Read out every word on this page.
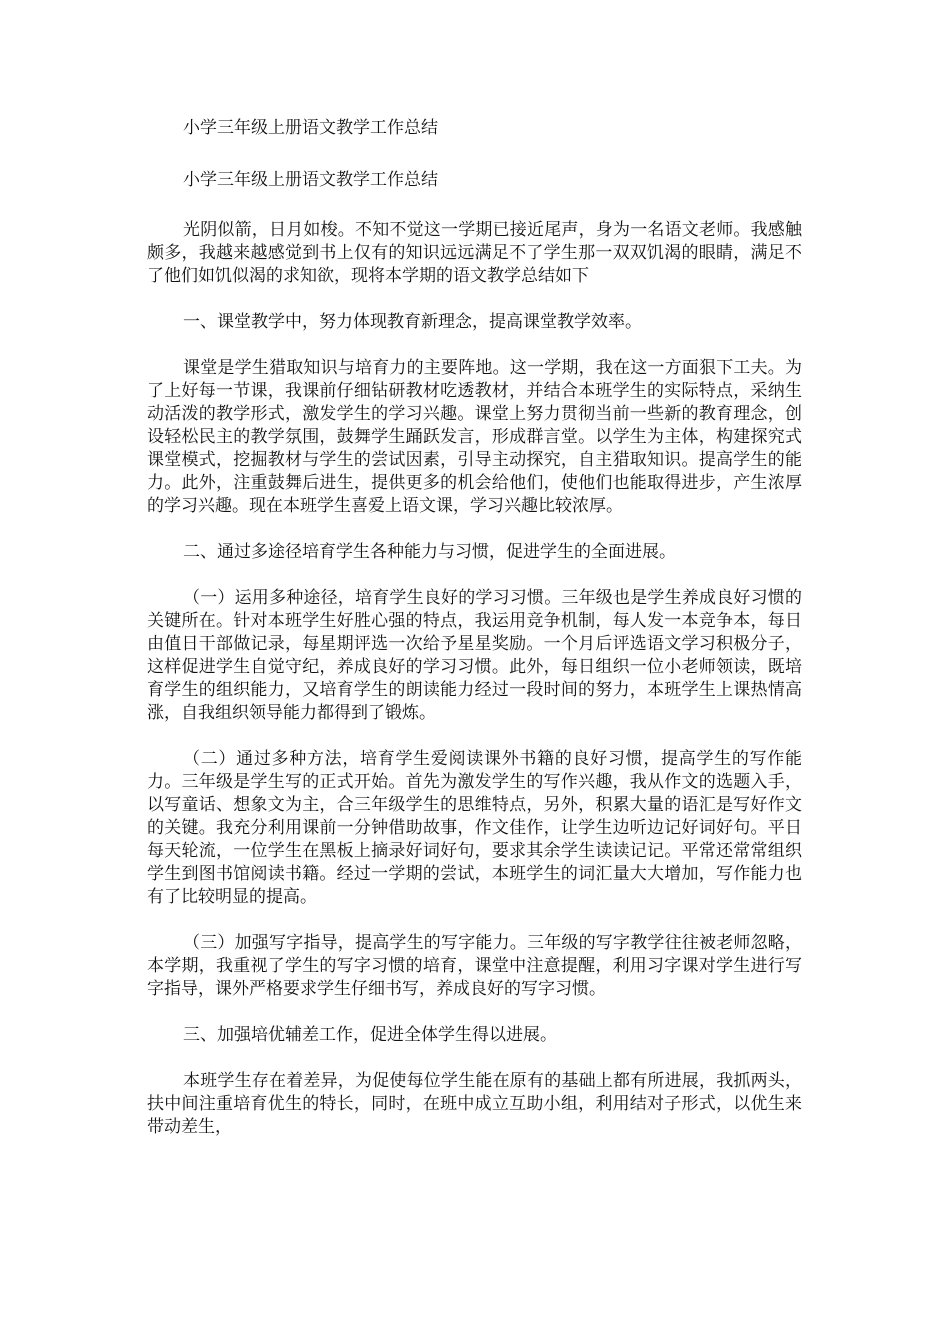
小学三年级上册语文教学工作总结

小学三年级上册语文教学工作总结

光阴似箭，日月如梭。不知不觉这一学期已接近尾声，身为一名语文老师。我感触颇多，我越来越感觉到书上仅有的知识远远满足不了学生那一双双饥渴的眼睛，满足不了他们如饥似渴的求知欲，现将本学期的语文教学总结如下

一、课堂教学中，努力体现教育新理念，提高课堂教学效率。

课堂是学生猎取知识与培育力的主要阵地。这一学期，我在这一方面狠下工夫。为了上好每一节课，我课前仔细钻研教材吃透教材，并结合本班学生的实际特点，采纳生动活泼的教学形式，激发学生的学习兴趣。课堂上努力贯彻当前一些新的教育理念，创设轻松民主的教学氛围，鼓舞学生踊跃发言，形成群言堂。以学生为主体，构建探究式课堂模式，挖掘教材与学生的尝试因素，引导主动探究，自主猎取知识。提高学生的能力。此外，注重鼓舞后进生，提供更多的机会给他们，使他们也能取得进步，产生浓厚的学习兴趣。现在本班学生喜爱上语文课，学习兴趣比较浓厚。

二、通过多途径培育学生各种能力与习惯，促进学生的全面进展。

（一）运用多种途径，培育学生良好的学习习惯。三年级也是学生养成良好习惯的关键所在。针对本班学生好胜心强的特点，我运用竞争机制，每人发一本竞争本，每日由值日干部做记录，每星期评选一次给予星星奖励。一个月后评选语文学习积极分子，这样促进学生自觉守纪，养成良好的学习习惯。此外，每日组织一位小老师领读，既培育学生的组织能力，又培育学生的朗读能力经过一段时间的努力，本班学生上课热情高涨，自我组织领导能力都得到了锻炼。

（二）通过多种方法，培育学生爱阅读课外书籍的良好习惯，提高学生的写作能力。三年级是学生写的正式开始。首先为激发学生的写作兴趣，我从作文的选题入手，以写童话、想象文为主，合三年级学生的思维特点，另外，积累大量的语汇是写好作文的关键。我充分利用课前一分钟借助故事，作文佳作，让学生边听边记好词好句。平日每天轮流，一位学生在黑板上摘录好词好句，要求其余学生读读记记。平常还常常组织学生到图书馆阅读书籍。经过一学期的尝试，本班学生的词汇量大大增加，写作能力也有了比较明显的提高。

（三）加强写字指导，提高学生的写字能力。三年级的写字教学往往被老师忽略，本学期，我重视了学生的写字习惯的培育，课堂中注意提醒，利用习字课对学生进行写字指导，课外严格要求学生仔细书写，养成良好的写字习惯。

三、加强培优辅差工作，促进全体学生得以进展。

本班学生存在着差异，为促使每位学生能在原有的基础上都有所进展，我抓两头，扶中间注重培育优生的特长，同时，在班中成立互助小组，利用结对子形式，以优生来带动差生，
